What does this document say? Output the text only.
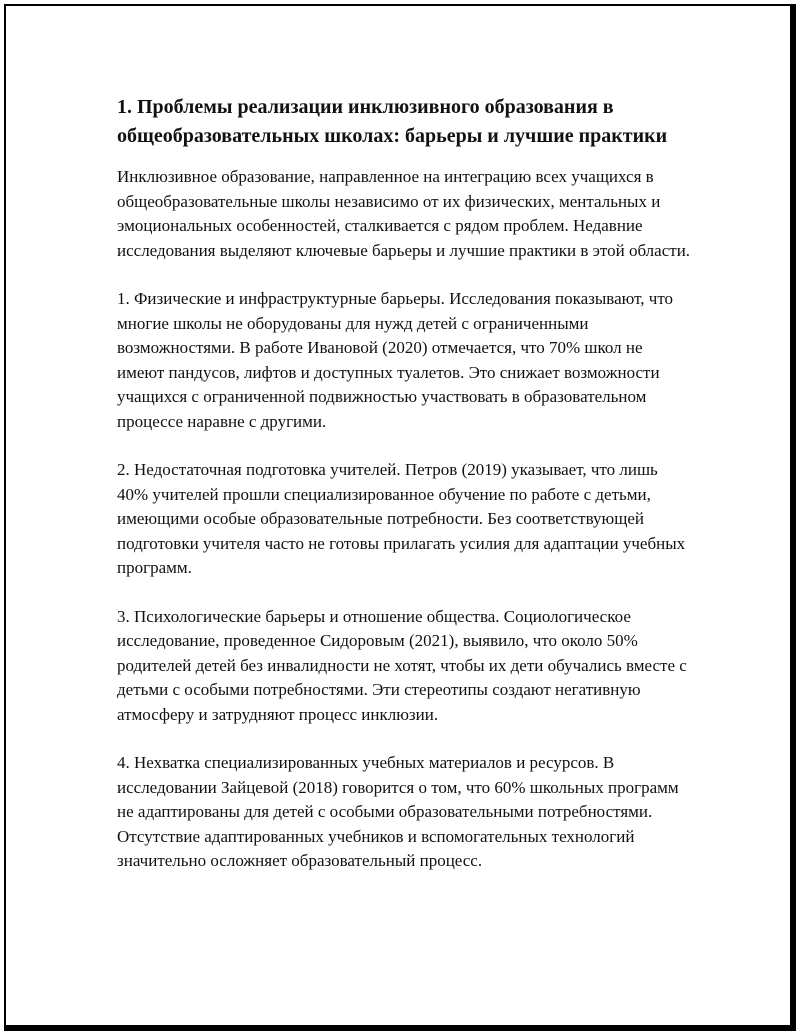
1. Проблемы реализации инклюзивного образования в общеобразовательных школах: барьеры и лучшие практики

Инклюзивное образование, направленное на интеграцию всех учащихся в общеобразовательные школы независимо от их физических, ментальных и эмоциональных особенностей, сталкивается с рядом проблем. Недавние исследования выделяют ключевые барьеры и лучшие практики в этой области.

1. Физические и инфраструктурные барьеры. Исследования показывают, что многие школы не оборудованы для нужд детей с ограниченными возможностями. В работе Ивановой (2020) отмечается, что 70% школ не имеют пандусов, лифтов и доступных туалетов. Это снижает возможности учащихся с ограниченной подвижностью участвовать в образовательном процессе наравне с другими.

2. Недостаточная подготовка учителей. Петров (2019) указывает, что лишь 40% учителей прошли специализированное обучение по работе с детьми, имеющими особые образовательные потребности. Без соответствующей подготовки учителя часто не готовы прилагать усилия для адаптации учебных программ.

3. Психологические барьеры и отношение общества. Социологическое исследование, проведенное Сидоровым (2021), выявило, что около 50% родителей детей без инвалидности не хотят, чтобы их дети обучались вместе с детьми с особыми потребностями. Эти стереотипы создают негативную атмосферу и затрудняют процесс инклюзии.

4. Нехватка специализированных учебных материалов и ресурсов. В исследовании Зайцевой (2018) говорится о том, что 60% школьных программ не адаптированы для детей с особыми образовательными потребностями. Отсутствие адаптированных учебников и вспомогательных технологий значительно осложняет образовательный процесс.
